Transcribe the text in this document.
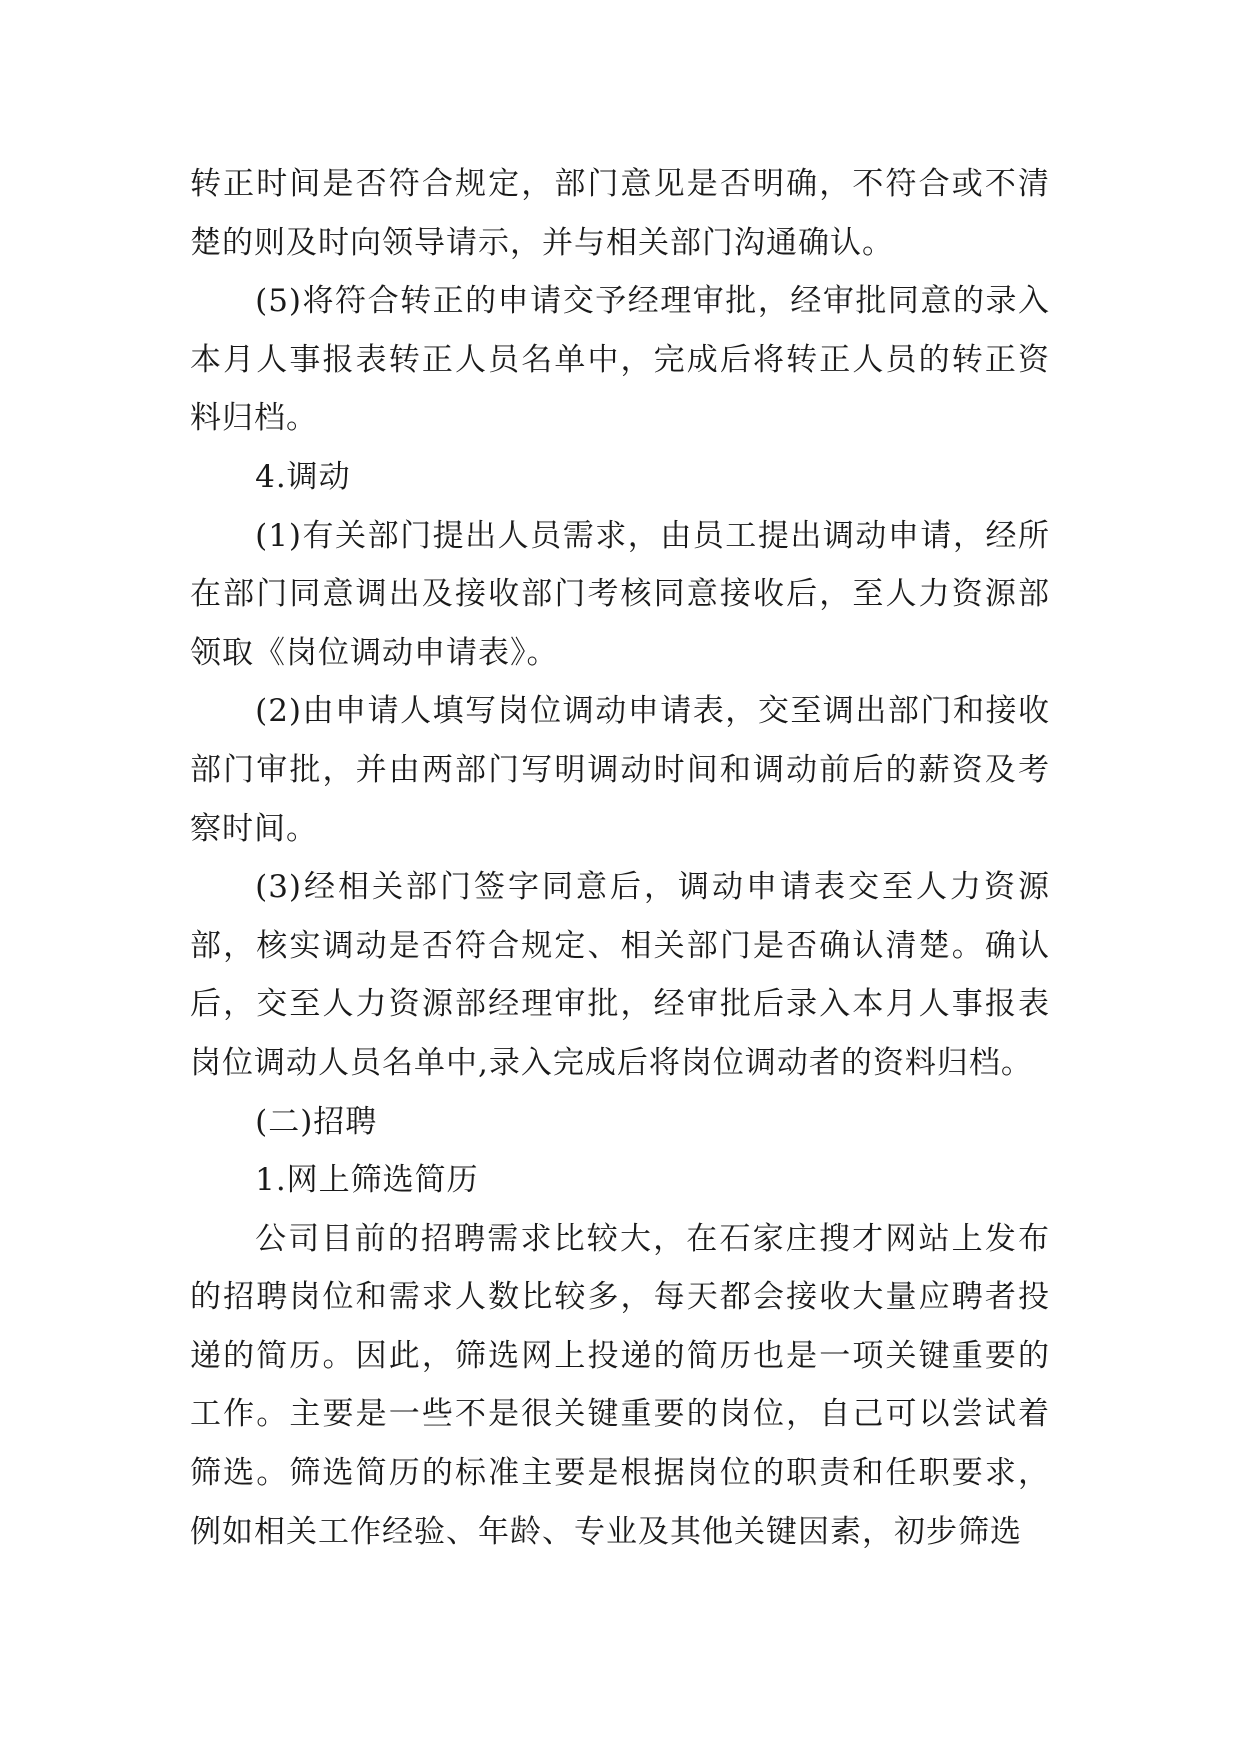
转正时间是否符合规定，部门意见是否明确，不符合或不清楚的则及时向领导请示，并与相关部门沟通确认。

(5)将符合转正的申请交予经理审批，经审批同意的录入本月人事报表转正人员名单中，完成后将转正人员的转正资料归档。

4.调动

(1)有关部门提出人员需求，由员工提出调动申请，经所在部门同意调出及接收部门考核同意接收后，至人力资源部领取《岗位调动申请表》。

(2)由申请人填写岗位调动申请表，交至调出部门和接收部门审批，并由两部门写明调动时间和调动前后的薪资及考察时间。

(3)经相关部门签字同意后，调动申请表交至人力资源部，核实调动是否符合规定、相关部门是否确认清楚。确认后，交至人力资源部经理审批，经审批后录入本月人事报表岗位调动人员名单中,录入完成后将岗位调动者的资料归档。

(二)招聘

1.网上筛选简历

公司目前的招聘需求比较大，在石家庄搜才网站上发布的招聘岗位和需求人数比较多，每天都会接收大量应聘者投递的简历。因此，筛选网上投递的简历也是一项关键重要的工作。主要是一些不是很关键重要的岗位，自己可以尝试着筛选。筛选简历的标准主要是根据岗位的职责和任职要求，例如相关工作经验、年龄、专业及其他关键因素，初步筛选
